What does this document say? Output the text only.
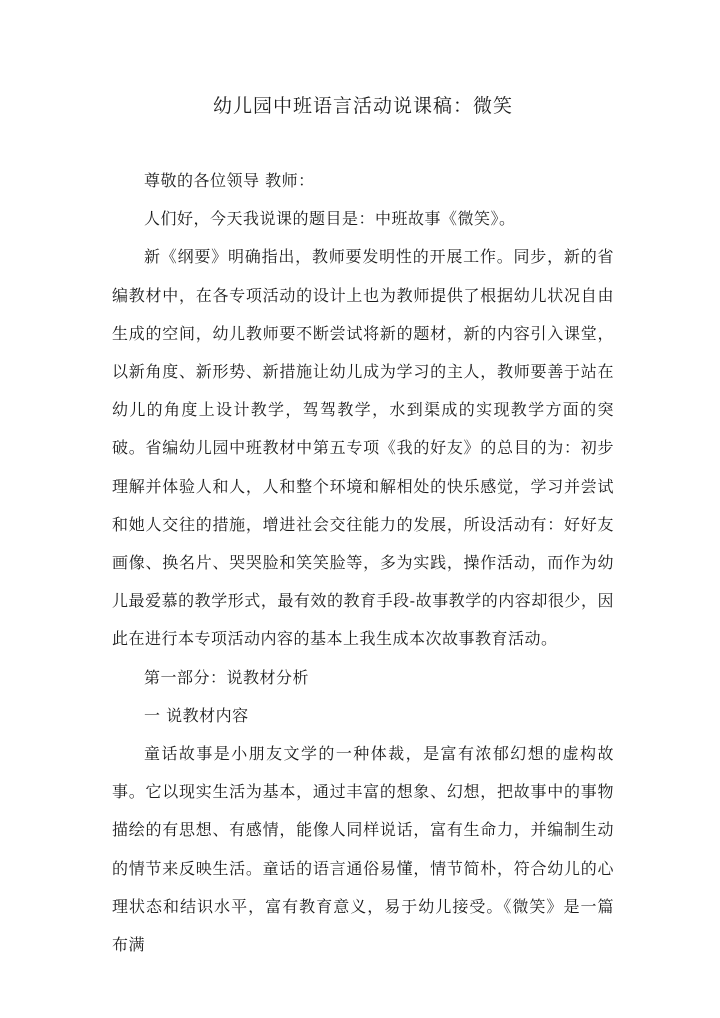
幼儿园中班语言活动说课稿：微笑

尊敬的各位领导 教师：

人们好，今天我说课的题目是：中班故事《微笑》。

新《纲要》明确指出，教师要发明性的开展工作。同步，新的省编教材中，在各专项活动的设计上也为教师提供了根据幼儿状况自由生成的空间，幼儿教师要不断尝试将新的题材，新的内容引入课堂，以新角度、新形势、新措施让幼儿成为学习的主人，教师要善于站在幼儿的角度上设计教学，驾驾教学，水到渠成的实现教学方面的突破。省编幼儿园中班教材中第五专项《我的好友》的总目的为：初步理解并体验人和人，人和整个环境和解相处的快乐感觉，学习并尝试和她人交往的措施，增进社会交往能力的发展，所设活动有：好好友画像、换名片、哭哭脸和笑笑脸等，多为实践，操作活动，而作为幼儿最爱慕的教学形式，最有效的教育手段-故事教学的内容却很少，因此在进行本专项活动内容的基本上我生成本次故事教育活动。

第一部分：说教材分析

一 说教材内容

童话故事是小朋友文学的一种体裁，是富有浓郁幻想的虚构故事。它以现实生活为基本，通过丰富的想象、幻想，把故事中的事物描绘的有思想、有感情，能像人同样说话，富有生命力，并编制生动的情节来反映生活。童话的语言通俗易懂，情节简朴，符合幼儿的心理状态和结识水平，富有教育意义，易于幼儿接受。《微笑》是一篇布满
